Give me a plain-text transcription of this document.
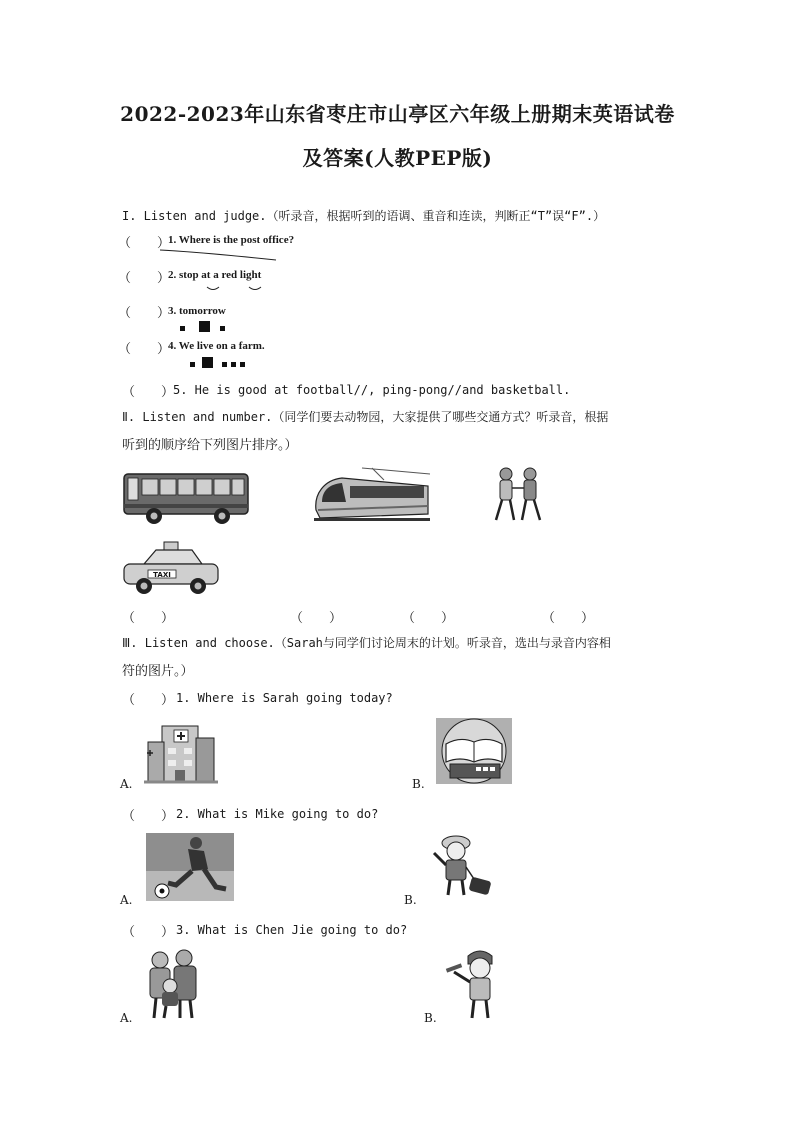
2022-2023年山东省枣庄市山亭区六年级上册期末英语试卷
及答案(人教PEP版)
I. Listen and judge.（听录音，根据听到的语调、重音和连读，判断正“T”误“F”.）
（　　）
1. Where is the post office?
（　　）
2. stop at a red light
（　　）
3. tomorrow
（　　）
4. We live on a farm.
（　　）
5. He is good at football//, ping-pong//and basketball.
Ⅱ. Listen and number.（同学们要去动物园，大家提供了哪些交通方式？听录音，根据
听到的顺序给下列图片排序。）
TAXI
（　　）	（　　）	（　　）	（　　）
Ⅲ. Listen and choose.（Sarah与同学们讨论周末的计划。听录音，选出与录音内容相
符的图片。）
（　　） 1. Where is Sarah going today?
A.	B.
（　　） 2. What is Mike going to do?
A.	B.
（　　） 3. What is Chen Jie going to do?
A.	B.
